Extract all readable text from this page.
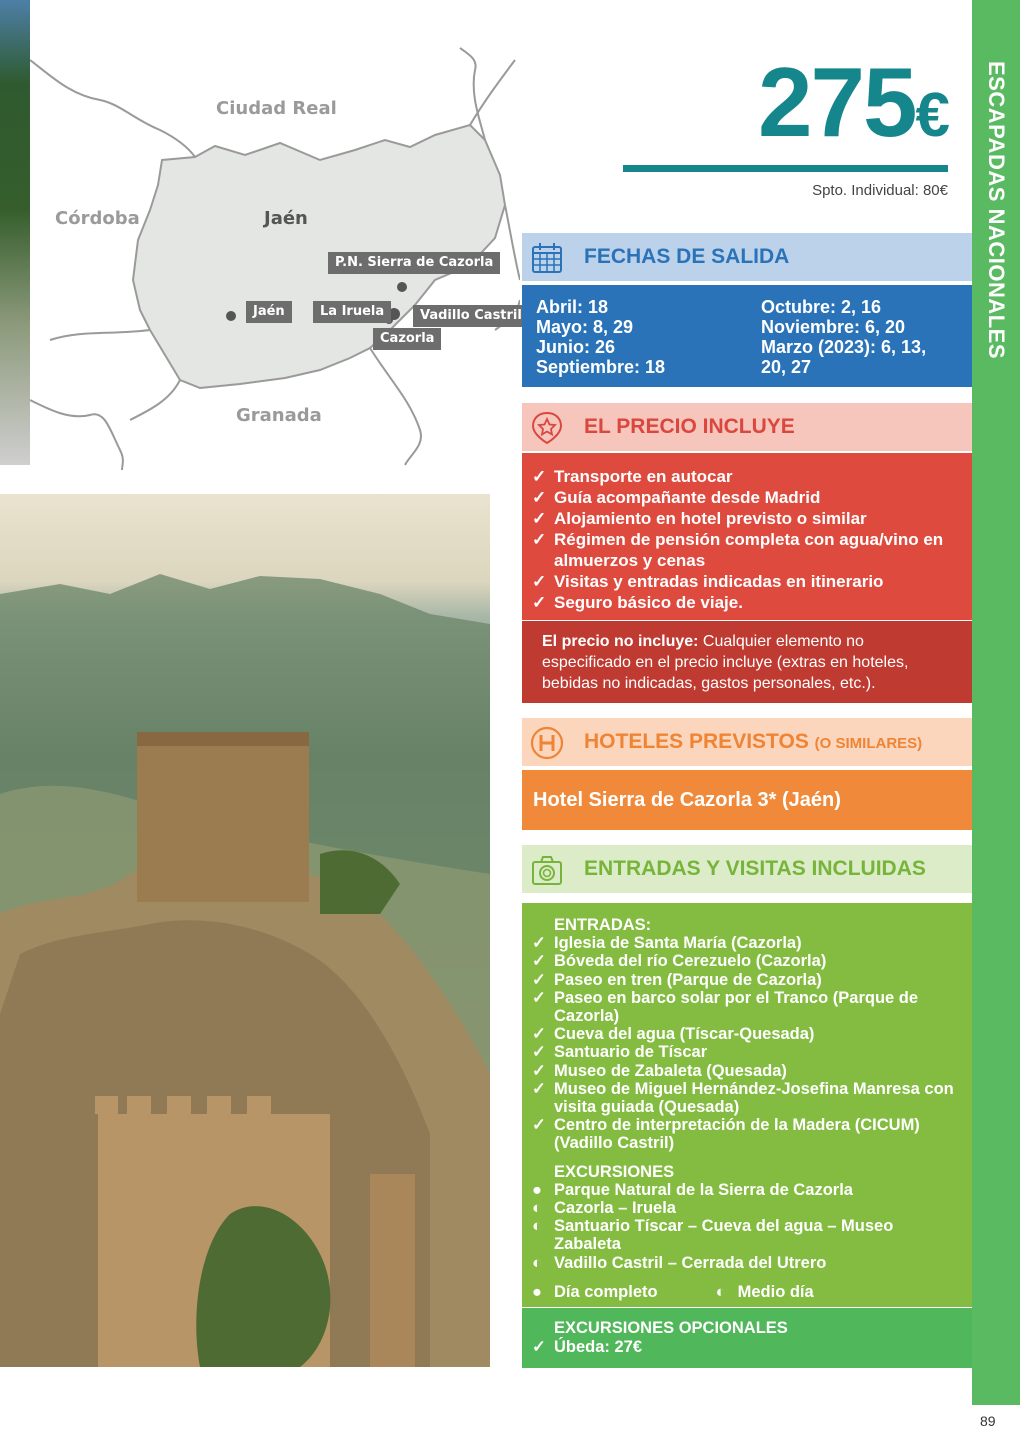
Ciudad Real
Córdoba	Jaén
Granada
P.N. Sierra de Cazorla
Jaén	La Iruela	Vadillo Castril
Cazorla
275€
Spto. Individual: 80€ ESCAPADAS NACIONALES
89
FECHAS DE SALIDA
Abril: 18
Mayo: 8, 29
Junio: 26
Septiembre: 18
Octubre: 2, 16
Noviembre: 6, 20
Marzo (2023): 6, 13,
20, 27
EL PRECIO INCLUYE
✓ Transporte en autocar
✓ Guía acompañante desde Madrid
✓ Alojamiento en hotel previsto o similar
✓ Régimen de pensión completa con agua/vino en almuerzos y cenas
✓ Visitas y entradas indicadas en itinerario
✓ Seguro básico de viaje.
El precio no incluye: Cualquier elemento no especificado en el precio incluye (extras en hoteles, bebidas no indicadas, gastos personales, etc.).
HOTELES PREVISTOS (O SIMILARES)
Hotel Sierra de Cazorla 3* (Jaén)
ENTRADAS Y VISITAS INCLUIDAS
ENTRADAS:
✓ Iglesia de Santa María (Cazorla)
✓ Bóveda del río Cerezuelo (Cazorla)
✓ Paseo en tren (Parque de Cazorla)
✓ Paseo en barco solar por el Tranco (Parque de Cazorla)
✓ Cueva del agua (Tíscar-Quesada)
✓ Santuario de Tíscar
✓ Museo de Zabaleta (Quesada)
✓ Museo de Miguel Hernández-Josefina Manresa con visita guiada (Quesada)
✓ Centro de interpretación de la Madera (CICUM) (Vadillo Castril)
EXCURSIONES
● Parque Natural de la Sierra de Cazorla
◐ Cazorla – Iruela
◐ Santuario Tíscar – Cueva del agua – Museo Zabaleta
◐ Vadillo Castril – Cerrada del Utrero
● Día completo	◐ Medio día
EXCURSIONES OPCIONALES
✓ Úbeda: 27€
